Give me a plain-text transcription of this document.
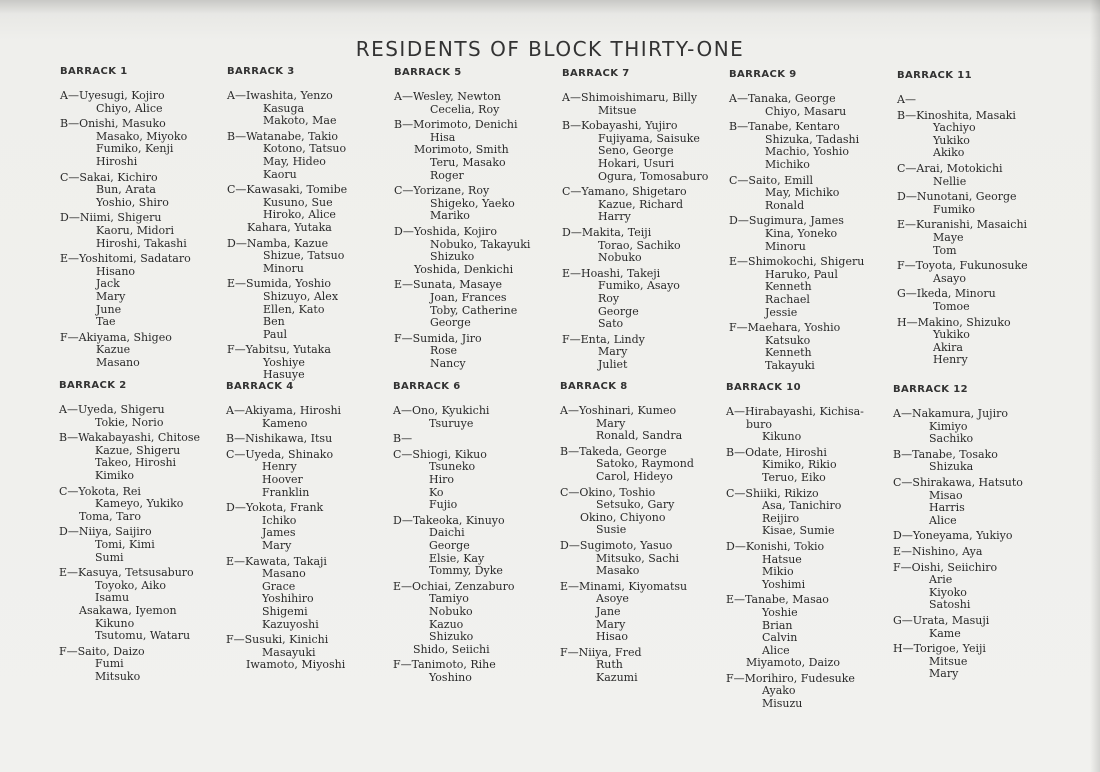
RESIDENTS OF BLOCK THIRTY-ONE
BARRACK 1
A—Uyesugi, Kojiro
Chiyo, Alice
B—Onishi, Masuko
Masako, Miyoko
Fumiko, Kenji
Hiroshi
C—Sakai, Kichiro
Bun, Arata
Yoshio, Shiro
D—Niimi, Shigeru
Kaoru, Midori
Hiroshi, Takashi
E—Yoshitomi, Sadataro
Hisano
Jack
Mary
June
Tae
F—Akiyama, Shigeo
Kazue
Masano
BARRACK 3
A—Iwashita, Yenzo
Kasuga
Makoto, Mae
B—Watanabe, Takio
Kotono, Tatsuo
May, Hideo
Kaoru
C—Kawasaki, Tomibe
Kusuno, Sue
Hiroko, Alice
Kahara, Yutaka
D—Namba, Kazue
Shizue, Tatsuo
Minoru
E—Sumida, Yoshio
Shizuyo, Alex
Ellen, Kato
Ben
Paul
F—Yabitsu, Yutaka
Yoshiye
Hasuye
BARRACK 5
A—Wesley, Newton
Cecelia, Roy
B—Morimoto, Denichi
Hisa
Morimoto, Smith
Teru, Masako
Roger
C—Yorizane, Roy
Shigeko, Yaeko
Mariko
D—Yoshida, Kojiro
Nobuko, Takayuki
Shizuko
Yoshida, Denkichi
E—Sunata, Masaye
Joan, Frances
Toby, Catherine
George
F—Sumida, Jiro
Rose
Nancy
BARRACK 7
A—Shimoishimaru, Billy
Mitsue
B—Kobayashi, Yujiro
Fujiyama, Saisuke
Seno, George
Hokari, Usuri
Ogura, Tomosaburo
C—Yamano, Shigetaro
Kazue, Richard
Harry
D—Makita, Teiji
Torao, Sachiko
Nobuko
E—Hoashi, Takeji
Fumiko, Asayo
Roy
George
Sato
F—Enta, Lindy
Mary
Juliet
BARRACK 9
A—Tanaka, George
Chiyo, Masaru
B—Tanabe, Kentaro
Shizuka, Tadashi
Machio, Yoshio
Michiko
C—Saito, Emill
May, Michiko
Ronald
D—Sugimura, James
Kina, Yoneko
Minoru
E—Shimokochi, Shigeru
Haruko, Paul
Kenneth
Rachael
Jessie
F—Maehara, Yoshio
Katsuko
Kenneth
Takayuki
BARRACK 11
A—
B—Kinoshita, Masaki
Yachiyo
Yukiko
Akiko
C—Arai, Motokichi
Nellie
D—Nunotani, George
Fumiko
E—Kuranishi, Masaichi
Maye
Tom
F—Toyota, Fukunosuke
Asayo
G—Ikeda, Minoru
Tomoe
H—Makino, Shizuko
Yukiko
Akira
Henry
BARRACK 2
A—Uyeda, Shigeru
Tokie, Norio
B—Wakabayashi, Chitose
Kazue, Shigeru
Takeo, Hiroshi
Kimiko
C—Yokota, Rei
Kameyo, Yukiko
Toma, Taro
D—Niiya, Saijiro
Tomi, Kimi
Sumi
E—Kasuya, Tetsusaburo
Toyoko, Aiko
Isamu
Asakawa, Iyemon
Kikuno
Tsutomu, Wataru
F—Saito, Daizo
Fumi
Mitsuko
BARRACK 4
A—Akiyama, Hiroshi
Kameno
B—Nishikawa, Itsu
C—Uyeda, Shinako
Henry
Hoover
Franklin
D—Yokota, Frank
Ichiko
James
Mary
E—Kawata, Takaji
Masano
Grace
Yoshihiro
Shigemi
Kazuyoshi
F—Susuki, Kinichi
Masayuki
Iwamoto, Miyoshi
BARRACK 6
A—Ono, Kyukichi
Tsuruye
B—
C—Shiogi, Kikuo
Tsuneko
Hiro
Ko
Fujio
D—Takeoka, Kinuyo
Daichi
George
Elsie, Kay
Tommy, Dyke
E—Ochiai, Zenzaburo
Tamiyo
Nobuko
Kazuo
Shizuko
Shido, Seiichi
F—Tanimoto, Rihe
Yoshino
BARRACK 8
A—Yoshinari, Kumeo
Mary
Ronald, Sandra
B—Takeda, George
Satoko, Raymond
Carol, Hideyo
C—Okino, Toshio
Setsuko, Gary
Okino, Chiyono
Susie
D—Sugimoto, Yasuo
Mitsuko, Sachi
Masako
E—Minami, Kiyomatsu
Asoye
Jane
Mary
Hisao
F—Niiya, Fred
Ruth
Kazumi
BARRACK 10
A—Hirabayashi, Kichisa-
buro
Kikuno
B—Odate, Hiroshi
Kimiko, Rikio
Teruo, Eiko
C—Shiiki, Rikizo
Asa, Tanichiro
Reijiro
Kisae, Sumie
D—Konishi, Tokio
Hatsue
Mikio
Yoshimi
E—Tanabe, Masao
Yoshie
Brian
Calvin
Alice
Miyamoto, Daizo
F—Morihiro, Fudesuke
Ayako
Misuzu
BARRACK 12
A—Nakamura, Jujiro
Kimiyo
Sachiko
B—Tanabe, Tosako
Shizuka
C—Shirakawa, Hatsuto
Misao
Harris
Alice
D—Yoneyama, Yukiyo
E—Nishino, Aya
F—Oishi, Seiichiro
Arie
Kiyoko
Satoshi
G—Urata, Masuji
Kame
H—Torigoe, Yeiji
Mitsue
Mary
